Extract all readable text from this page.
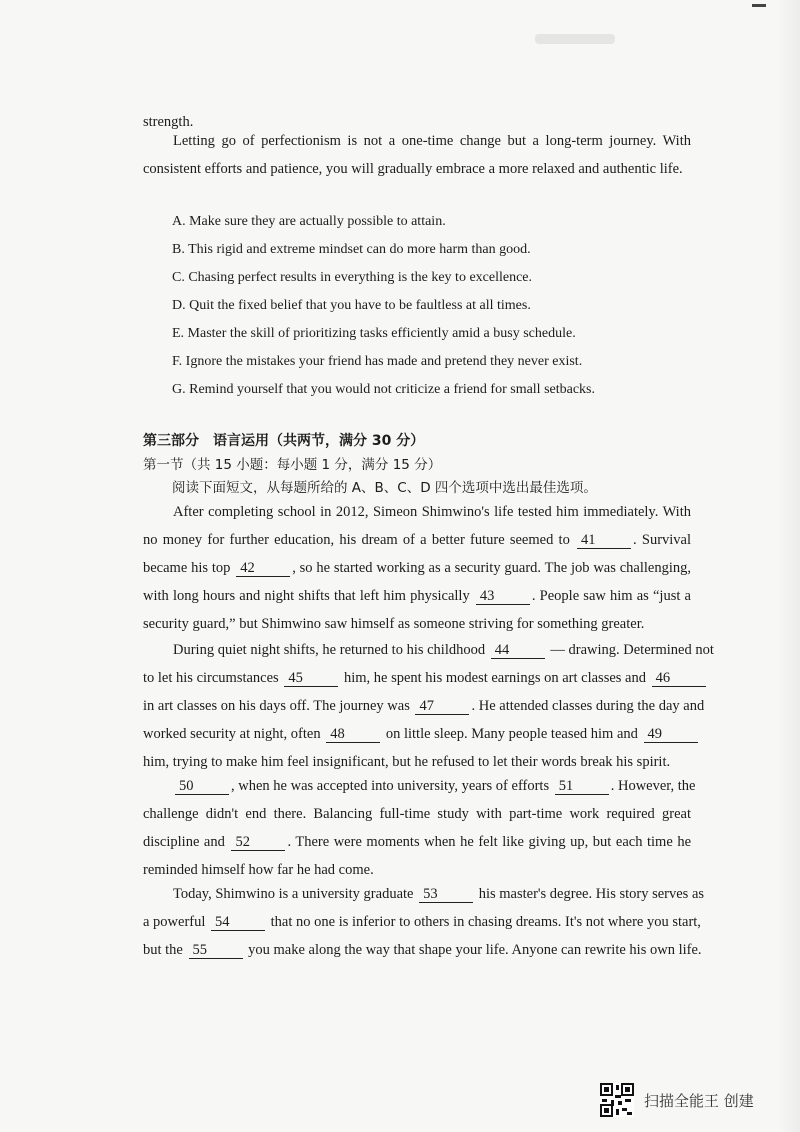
strength.
Letting go of perfectionism is not a one-time change but a long-term journey. With
consistent efforts and patience, you will gradually embrace a more relaxed and authentic life.
A. Make sure they are actually possible to attain.
B. This rigid and extreme mindset can do more harm than good.
C. Chasing perfect results in everything is the key to excellence.
D. Quit the fixed belief that you have to be faultless at all times.
E. Master the skill of prioritizing tasks efficiently amid a busy schedule.
F. Ignore the mistakes your friend has made and pretend they never exist.
G. Remind yourself that you would not criticize a friend for small setbacks.
第三部分　语言运用（共两节，满分 30 分）
第一节（共 15 小题：每小题 1 分，满分 15 分）
阅读下面短文，从每题所给的 A、B、C、D 四个选项中选出最佳选项。
After completing school in 2012, Simeon Shimwino's life tested him immediately. With
no money for further education, his dream of a better future seemed to 41	. Survival
became his top 42	, so he started working as a security guard. The job was challenging,
with long hours and night shifts that left him physically 43	. People saw him as “just a
security guard,” but Shimwino saw himself as someone striving for something greater.
During quiet night shifts, he returned to his childhood 44	— drawing. Determined not
to let his circumstances 45	him, he spent his modest earnings on art classes and 46
in art classes on his days off. The journey was 47	. He attended classes during the day and
worked security at night, often 48	on little sleep. Many people teased him and 49
him, trying to make him feel insignificant, but he refused to let their words break his spirit.
50	, when he was accepted into university, years of efforts 51	. However, the
challenge didn't end there. Balancing full-time study with part-time work required great
discipline and 52	. There were moments when he felt like giving up, but each time he
reminded himself how far he had come.
Today, Shimwino is a university graduate 53	his master's degree. His story serves as
a powerful 54	that no one is inferior to others in chasing dreams. It's not where you start,
but the 55	you make along the way that shape your life. Anyone can rewrite his own life.
扫描全能王 创建
